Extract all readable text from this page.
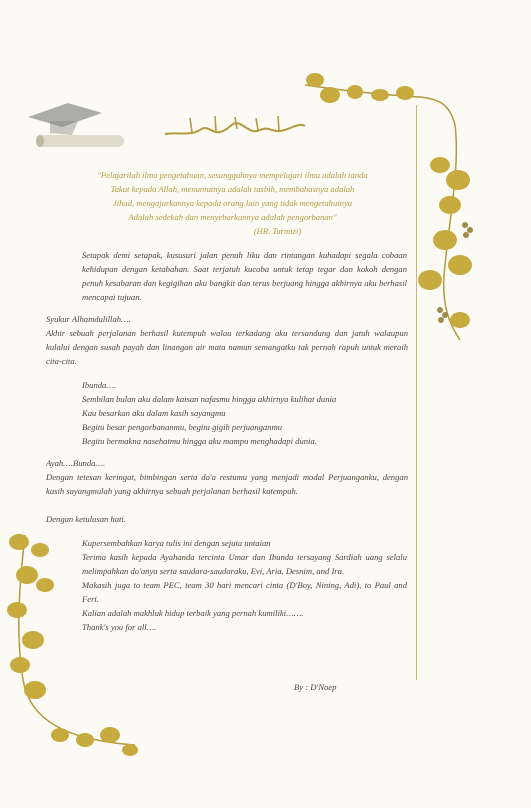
"Pelajarilah ilmu pengetahuan, sesungguhnya mempelajari ilmu adalah tanda
Takut kepada Allah, menuntutnya adalah tasbih, membahasnya adalah
Jihad, mengajarkannya kepada orang lain yang tidak mengetahuinya
Adalah sedekah dan menyebarkannya adalah pengorbanan"
(HR. Tarmizi)
Setapak demi setapak, kususuri jalan penuh liku dan rintangan kuhadapi segala cobaan kehidupan dengan ketabahan. Saat terjatuh kucoba untuk tetap tegar dan kokoh dengan penuh kesabaran dan kegigihan aku bangkit dan terus berjuang hingga akhirnya aku berhasil mencapai tujuan.
Syukur Alhamdulillah….
Akhir sebuah perjalanan berhasil kutempuh walau terkadang aku tersandung dan jatuh walaupun kulalui dengan susah payah dan linangan air mata namun semangatku tak pernah rapuh untuk meraih cita-cita.
Ibunda….
Sembilan bulan aku dalam kaisan nafasmu hingga akhirnya kulihat dunia
Kau besarkan aku dalam kasih sayangmu
Begitu besar pengorbananmu, begitu gigih perjuanganmu
Begitu bermakna nasehatmu hingga aku mampu menghadapi dunia.
Ayah….Bunda….
Dengan tetesan keringat, bimbingan serta do'a restumu yang menjadi modal Perjuanganku, dengan kasih sayangmulah yang akhirnya sebuah perjalanan berhasil kutempuh.
Dengan ketulusan hati.
Kupersembahkan karya tulis ini dengan sejuta untaian
Terima kasih kepada Ayahanda tercinta Umar dan Ibunda tersayang Sardiah uang selalu melimpahkan do'anya serta saudara-saudaraku, Evi, Aria, Desnim, and Ira.
Makasih juga to team PEC, team 30 hari mencari cinta (D'Boy, Nining, Adi), to Paul and Feri.
Kalian adalah makhluk hidup terbaik yang pernah kumiliki…….
Thank's you for all….
By : D'Noep
